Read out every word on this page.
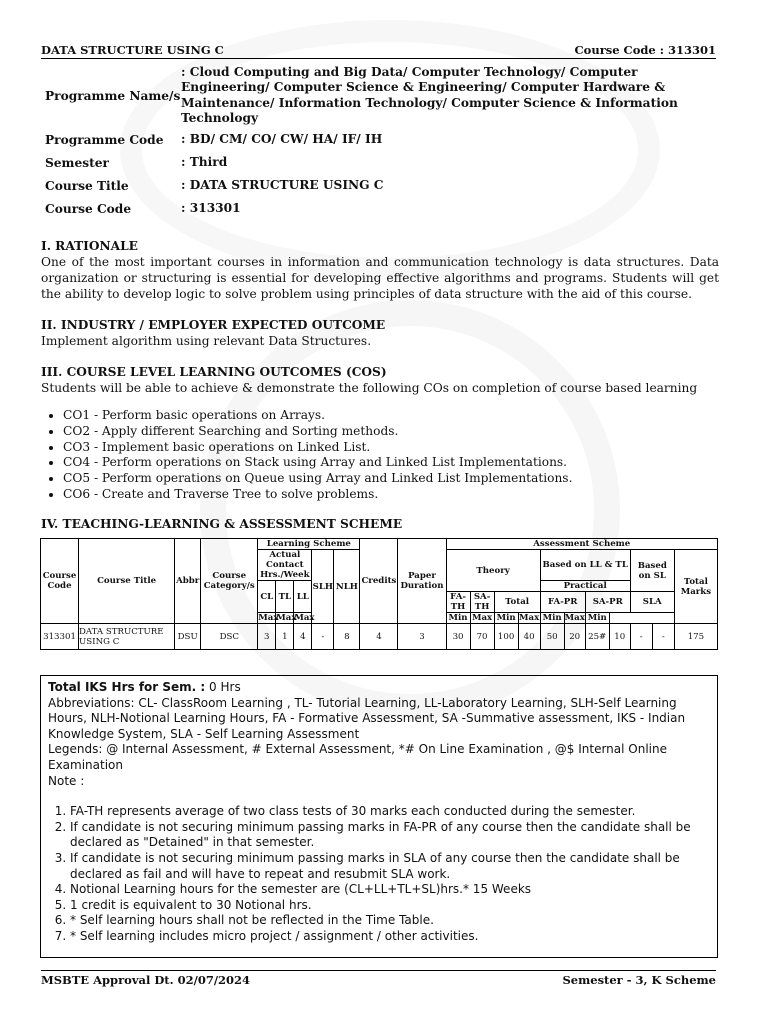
DATA STRUCTURE USING C	Course Code : 313301
Programme Name/s
: Cloud Computing and Big Data/ Computer Technology/ Computer Engineering/ Computer Science & Engineering/ Computer Hardware & Maintenance/ Information Technology/ Computer Science & Information Technology
Programme Code	: BD/ CM/ CO/ CW/ HA/ IF/ IH
Semester	: Third
Course Title	: DATA STRUCTURE USING C
Course Code	: 313301
I. RATIONALE
One of the most important courses in information and communication technology is data structures. Data organization or structuring is essential for developing effective algorithms and programs. Students will get the ability to develop logic to solve problem using principles of data structure with the aid of this course.
II. INDUSTRY / EMPLOYER EXPECTED OUTCOME
Implement algorithm using relevant Data Structures.
III. COURSE LEVEL LEARNING OUTCOMES (COS)
Students will be able to achieve & demonstrate the following COs on completion of course based learning
• CO1 - Perform basic operations on Arrays.
• CO2 - Apply different Searching and Sorting methods.
• CO3 - Implement basic operations on Linked List.
• CO4 - Perform operations on Stack using Array and Linked List Implementations.
• CO5 - Perform operations on Queue using Array and Linked List Implementations.
• CO6 - Create and Traverse Tree to solve problems.
IV. TEACHING-LEARNING & ASSESSMENT SCHEME
Course Code	Course Title	Abbr	Course Category/s	Learning Scheme					Credits	Paper Duration	Assessment Scheme										
				Actual Contact Hrs./Week			SLH	NLH			Theory				Based on LL & TL				Based on SL		Total Marks

				CL	TL	LL									Practical						
											FA-TH	SA-TH	Total		FA-PR		SA-PR		SLA		
				Max	Max	Max					Min	Max	Min	Max	Min	Max	Min				
313301	DATA STRUCTURE USING C	DSU	DSC	3	1	4	-	8	4	3	30	70	100	40	50	20	25#	10	-	-	175
Total IKS Hrs for Sem. : 0 Hrs
Abbreviations: CL- ClassRoom Learning , TL- Tutorial Learning, LL-Laboratory Learning, SLH-Self Learning Hours, NLH-Notional Learning Hours, FA - Formative Assessment, SA -Summative assessment, IKS - Indian Knowledge System, SLA - Self Learning Assessment
Legends: @ Internal Assessment, # External Assessment, *# On Line Examination , @$ Internal Online Examination
Note :
1. FA-TH represents average of two class tests of 30 marks each conducted during the semester.
2. If candidate is not securing minimum passing marks in FA-PR of any course then the candidate shall be declared as "Detained" in that semester.
3. If candidate is not securing minimum passing marks in SLA of any course then the candidate shall be declared as fail and will have to repeat and resubmit SLA work.
4. Notional Learning hours for the semester are (CL+LL+TL+SL)hrs.* 15 Weeks
5. 1 credit is equivalent to 30 Notional hrs.
6. * Self learning hours shall not be reflected in the Time Table.
7. * Self learning includes micro project / assignment / other activities.
MSBTE Approval Dt. 02/07/2024	Semester - 3, K Scheme
